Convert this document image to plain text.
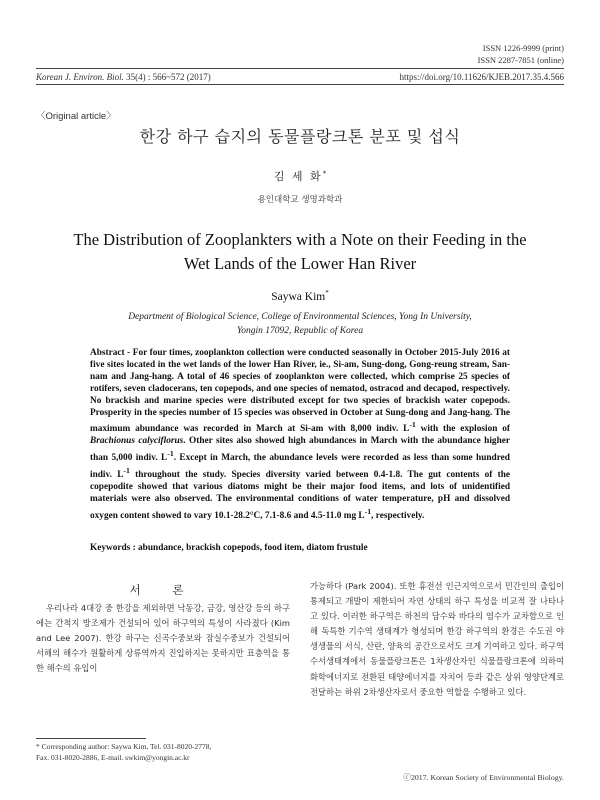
ISSN 1226-9999 (print)
ISSN 2287-7851 (online)
Korean J. Environ. Biol. 35(4) : 566~572 (2017)	https://doi.org/10.11626/KJEB.2017.35.4.566
〈Original article〉
한강 하구 습지의 동물플랑크톤 분포 및 섭식
김 세 화*
용인대학교 생명과학과
The Distribution of Zooplankters with a Note on their Feeding in the Wet Lands of the Lower Han River
Saywa Kim*
Department of Biological Science, College of Environmental Sciences, Yong In University,
Yongin 17092, Republic of Korea
Abstract - For four times, zooplankton collection were conducted seasonally in October 2015-July 2016 at five sites located in the wet lands of the lower Han River, ie., Si-am, Sung-dong, Gong-reung stream, San-nam and Jang-hang. A total of 46 species of zooplankton were collected, which comprise 25 species of rotifers, seven cladocerans, ten copepods, and one species of nematod, ostracod and decapod, respectively. No brackish and marine species were distributed except for two species of brackish water copepods. Prosperity in the species number of 15 species was observed in October at Sung-dong and Jang-hang. The maximum abundance was recorded in March at Si-am with 8,000 indiv. $L^{-1}$ with the explosion of Brachionus calyciflorus. Other sites also showed high abundances in March with the abundance higher than 5,000 indiv. $L^{-1}$. Except in March, the abundance levels were recorded as less than some hundred indiv. $L^{-1}$ throughout the study. Species diversity varied between 0.4-1.8. The gut contents of the copepodite showed that various diatoms might be their major food items, and lots of unidentified materials were also observed. The environmental conditions of water temperature, pH and dissolved oxygen content showed to vary 10.1-28.2°C, 7.1-8.6 and 4.5-11.0 mg $L^{-1}$, respectively.
Keywords : abundance, brackish copepods, food item, diatom frustule
서 론

우리나라 4대강 중 한강을 제외하면 낙동강, 금강, 영산강 등의 하구에는 간척지 방조제가 건설되어 있어 하구역의 특성이 사라졌다 (Kim and Lee 2007). 한강 하구는 신곡수중보와 잠실수중보가 건설되어 서해의 해수가 원활하게 상류역까지 진입하지는 못하지만 표층역을 통한 해수의 유입이

가능하다 (Park 2004). 또한 휴전선 인근지역으로서 민간인의 출입이 통제되고 개발이 제한되어 자연 상태의 하구 특성을 비교적 잘 나타나고 있다. 이러한 하구역은 하천의 담수와 바다의 염수가 교차함으로 인해 독특한 기수역 생태계가 형성되며 한강 하구역의 환경은 수도권 야생생물의 서식, 산란, 양육의 공간으로서도 크게 기여하고 있다. 하구역 수서생태계에서 동물플랑크톤은 1차생산자인 식물플랑크톤에 의하여 화학에너지로 전환된 태양에너지를 자치어 등과 같은 상위 영양단계로 전달하는 하위 2차생산자로서 중요한 역할을 수행하고 있다.

* Corresponding author: Saywa Kim, Tel. 031-8020-2778,
Fax. 031-8020-2886, E-mail. swkim@yongin.ac.kr
ⓒ2017. Korean Society of Environmental Biology.
